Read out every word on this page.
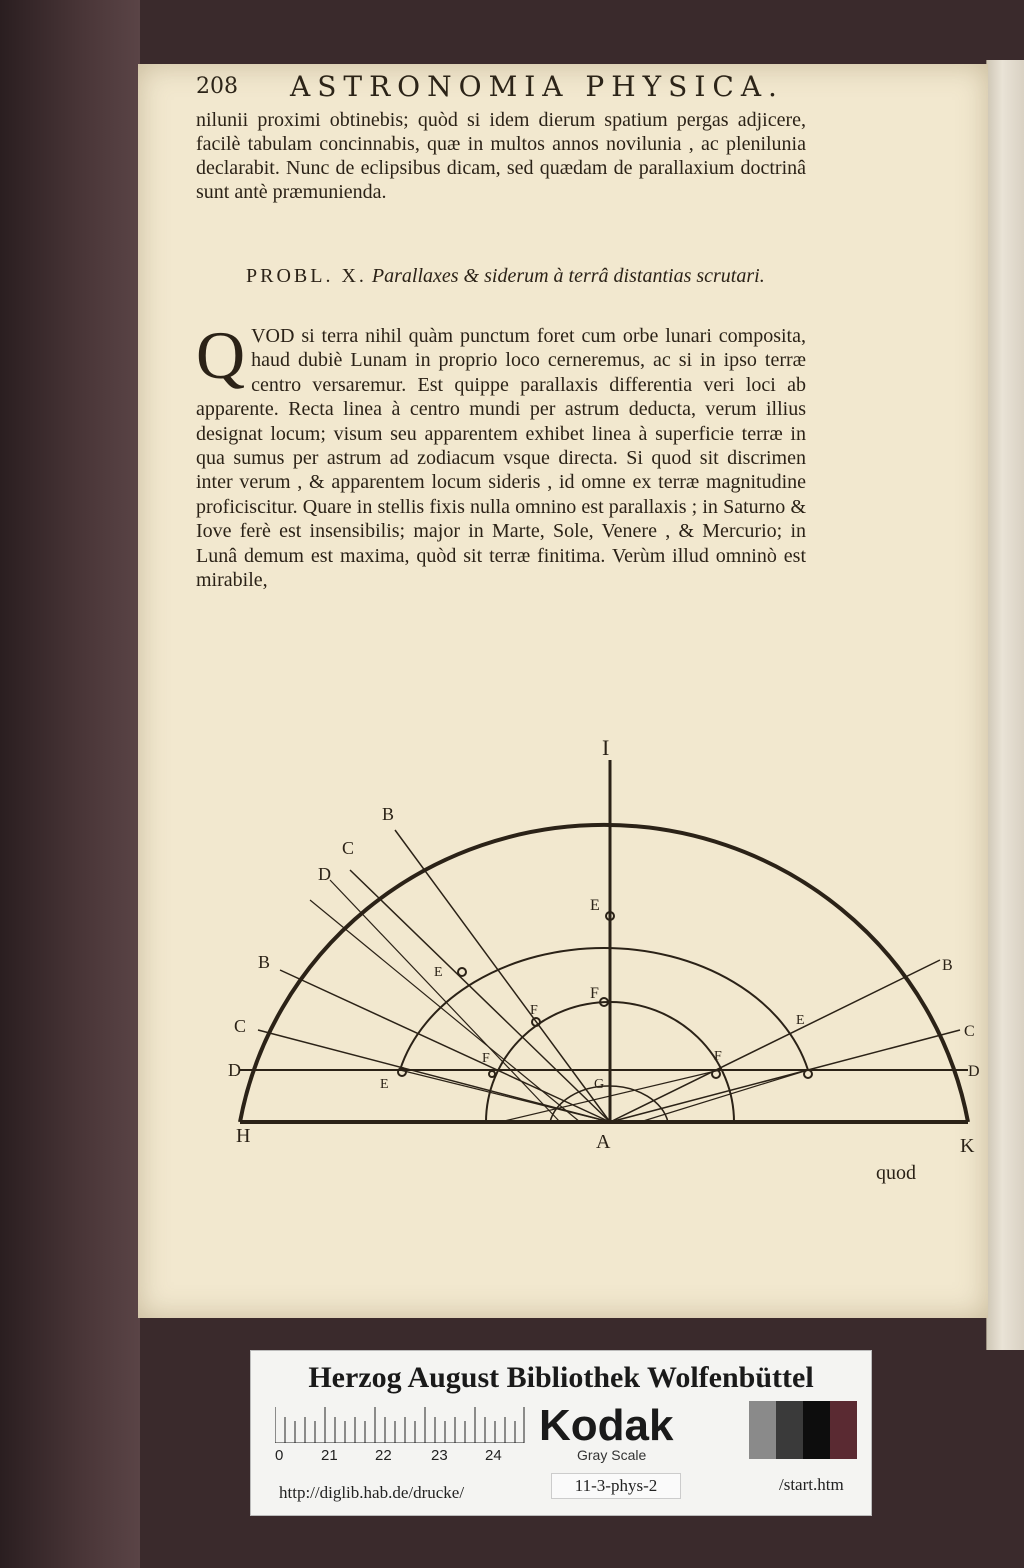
208 ASTRONOMIA PHYSICA.

nilunii proximi obtinebis; quòd si idem dierum spatium pergas adjicere, facilè tabulam concinnabis, quæ in multos annos novilunia , ac plenilunia declarabit. Nunc de eclipsibus dicam, sed quædam de parallaxium doctrinâ sunt antè præmunienda.

PROBL. X. Parallaxes & siderum à terrâ distantias scrutari.
Q VOD si terra nihil quàm punctum foret cum orbe lunari composita, haud dubiè Lunam in proprio loco cerneremus, ac si in ipso terræ centro versaremur. Est quippe parallaxis differentia veri loci ab apparente. Recta linea à centro mundi per astrum deducta, verum illius designat locum; visum seu apparentem exhibet linea à superficie terræ in qua sumus per astrum ad zodiacum vsque directa. Si quod sit discrimen inter verum , & apparentem locum sideris , id omne ex terræ magnitudine proficiscitur. Quare in stellis fixis nulla omnino est parallaxis ; in Saturno & Iove ferè est insensibilis; major in Marte, Sole, Venere , & Mercurio; in Lunâ demum est maxima, quòd sit terræ finitima. Verùm illud omninò est mirabile,
I
A
H	K
E
F
G
D
C
B
D
C
B
B
C
D
E
F
F
E
F
E
quod
Herzog August Bibliothek Wolfenbüttel
0	21 22	23 24
Kodak
Gray Scale
http://diglib.hab.de/drucke/	11-3-phys-2	/start.htm
